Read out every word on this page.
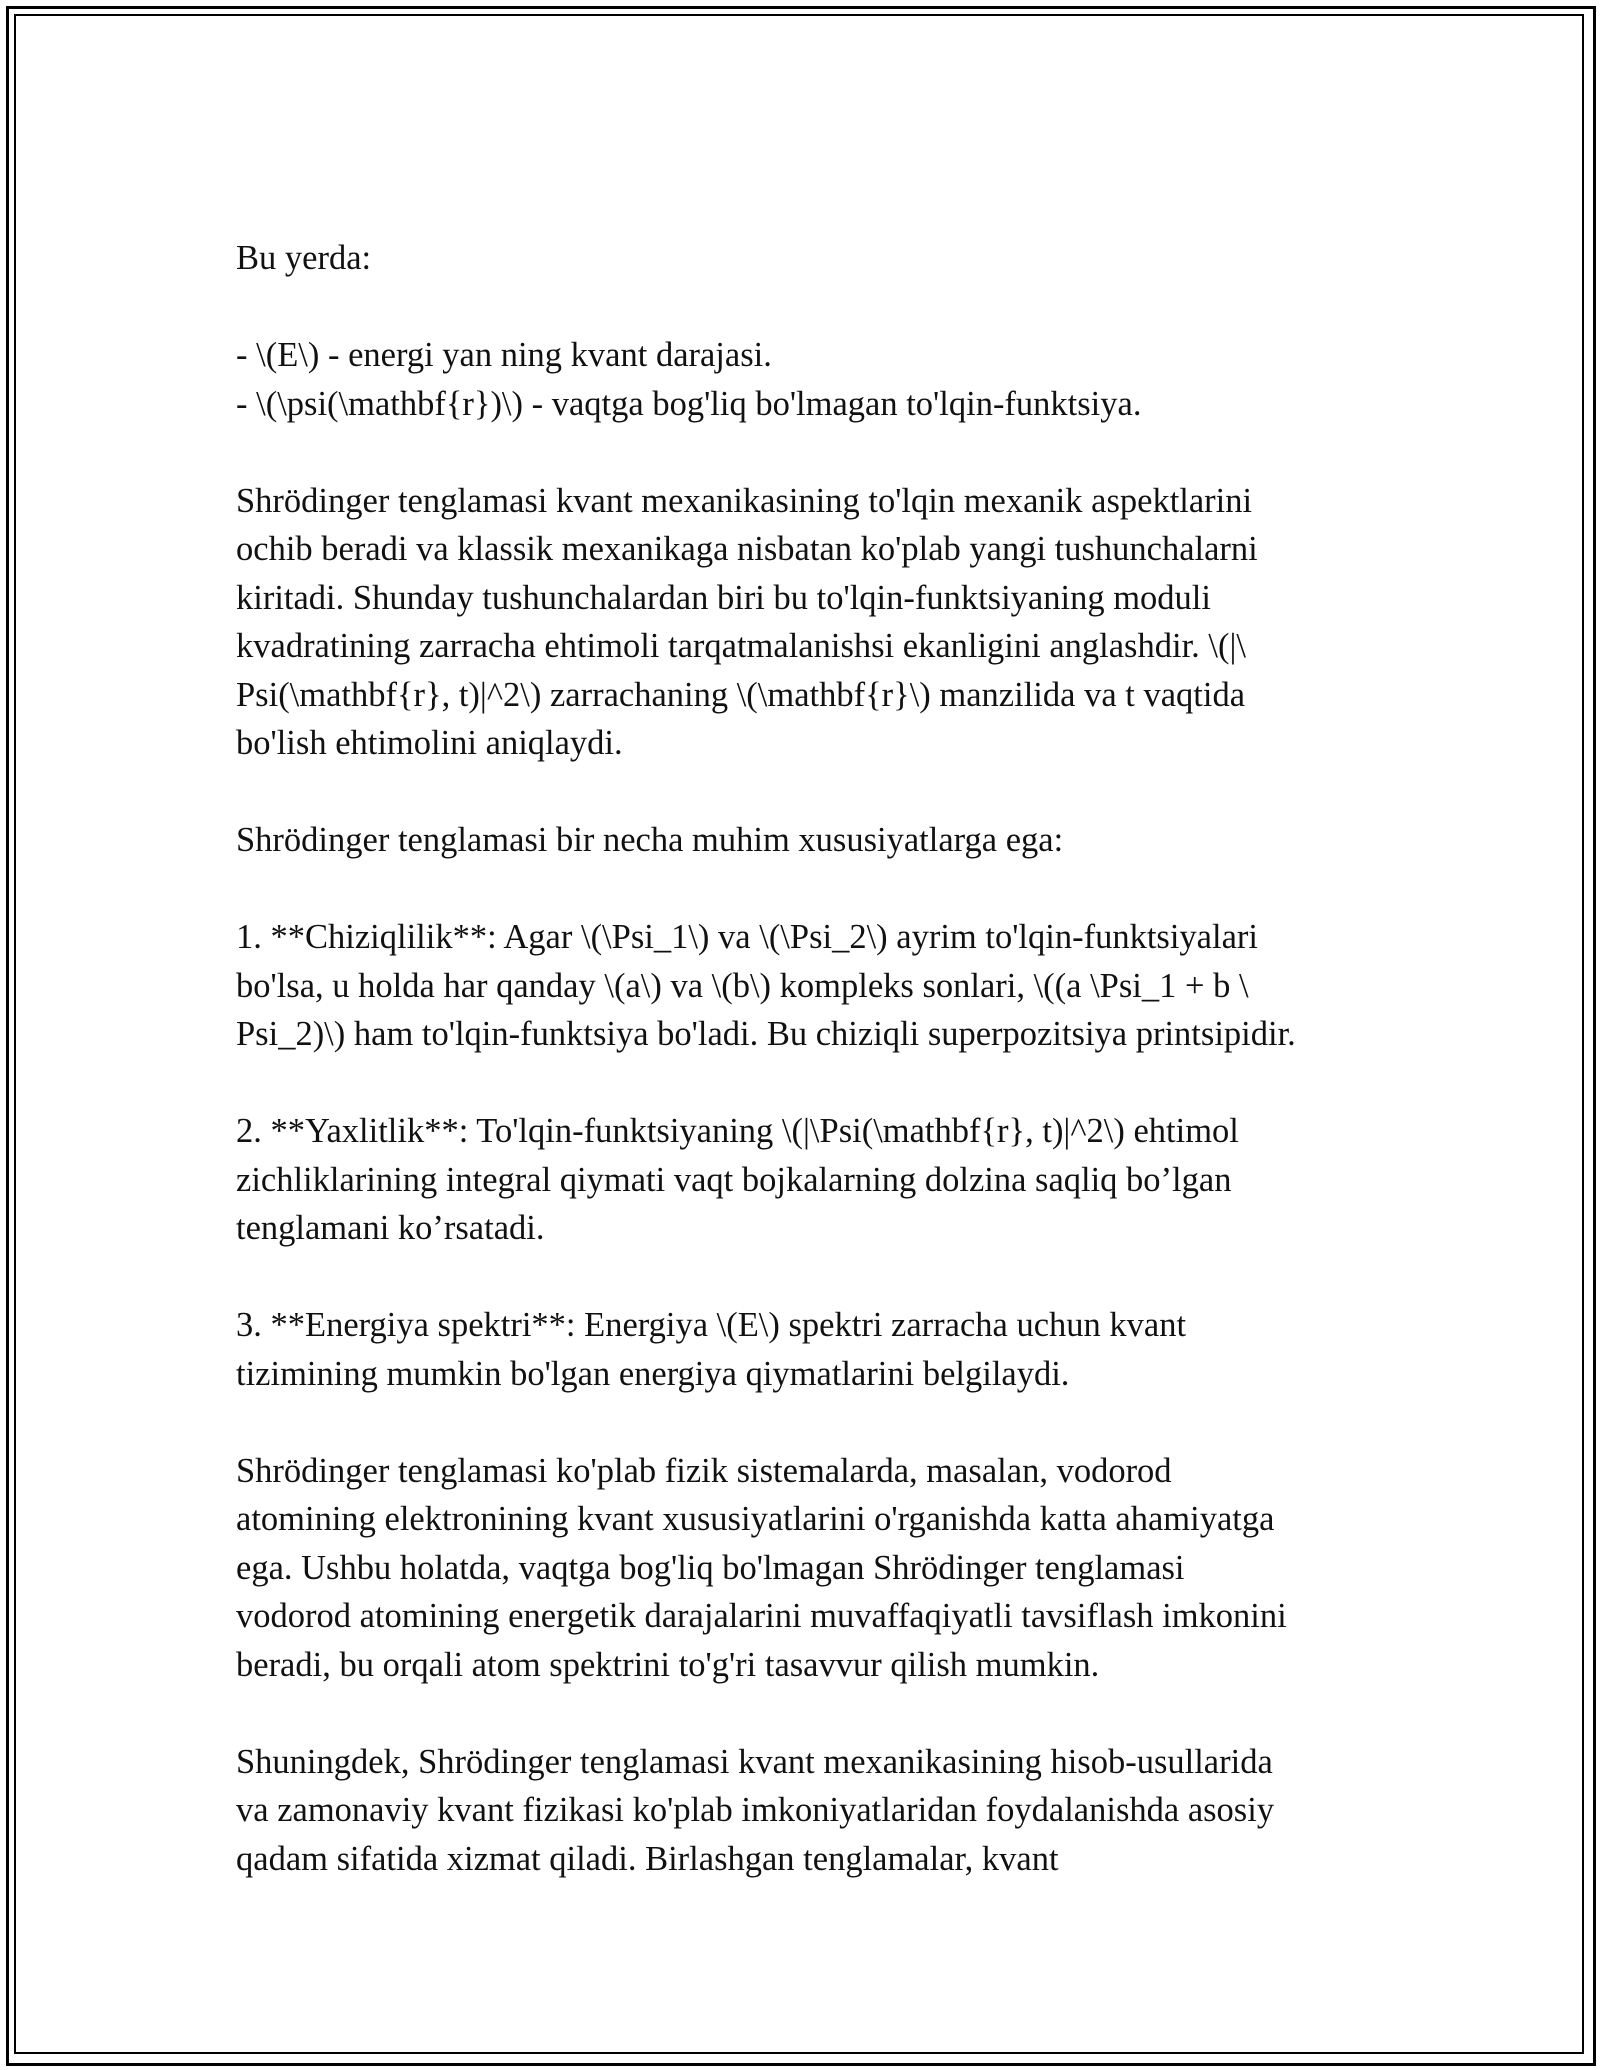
Bu yerda:

- \(E\) - energi yan ning kvant darajasi.
- \(\psi(\mathbf{r})\) - vaqtga bog'liq bo'lmagan to'lqin-funktsiya.

Shrödinger tenglamasi kvant mexanikasining to'lqin mexanik aspektlarini
ochib beradi va klassik mexanikaga nisbatan ko'plab yangi tushunchalarni
kiritadi. Shunday tushunchalardan biri bu to'lqin-funktsiyaning moduli
kvadratining zarracha ehtimoli tarqatmalanishsi ekanligini anglashdir. \(|\
Psi(\mathbf{r}, t)|^2\) zarrachaning \(\mathbf{r}\) manzilida va t vaqtida
bo'lish ehtimolini aniqlaydi.

Shrödinger tenglamasi bir necha muhim xususiyatlarga ega:

1. **Chiziqlilik**: Agar \(\Psi_1\) va \(\Psi_2\) ayrim to'lqin-funktsiyalari
bo'lsa, u holda har qanday \(a\) va \(b\) kompleks sonlari, \((a \Psi_1 + b \
Psi_2)\) ham to'lqin-funktsiya bo'ladi. Bu chiziqli superpozitsiya printsipidir.

2. **Yaxlitlik**: To'lqin-funktsiyaning \(|\Psi(\mathbf{r}, t)|^2\) ehtimol
zichliklarining integral qiymati vaqt bojkalarning dolzina saqliq bo’lgan
tenglamani ko’rsatadi.

3. **Energiya spektri**: Energiya \(E\) spektri zarracha uchun kvant
tizimining mumkin bo'lgan energiya qiymatlarini belgilaydi.

Shrödinger tenglamasi ko'plab fizik sistemalarda, masalan, vodorod
atomining elektronining kvant xususiyatlarini o'rganishda katta ahamiyatga
ega. Ushbu holatda, vaqtga bog'liq bo'lmagan Shrödinger tenglamasi
vodorod atomining energetik darajalarini muvaffaqiyatli tavsiflash imkonini
beradi, bu orqali atom spektrini to'g'ri tasavvur qilish mumkin.

Shuningdek, Shrödinger tenglamasi kvant mexanikasining hisob-usullarida
va zamonaviy kvant fizikasi ko'plab imkoniyatlaridan foydalanishda asosiy
qadam sifatida xizmat qiladi. Birlashgan tenglamalar, kvant
